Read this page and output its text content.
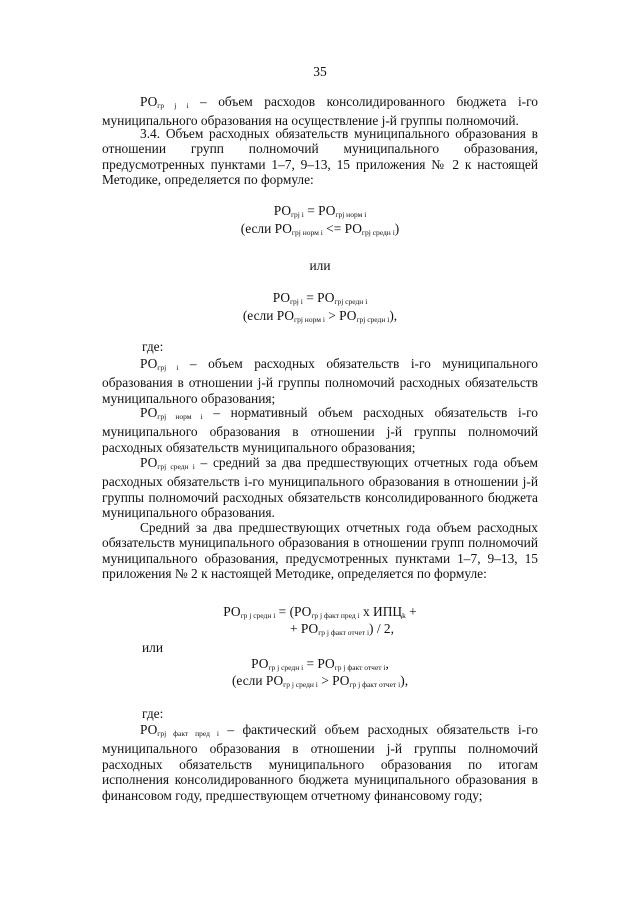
35
$РО_{гр j i}$ – объем расходов консолидированного бюджета i-го муниципального образования на осуществление j-й группы полномочий.
3.4. Объем расходных обязательств муниципального образования в отношении групп полномочий муниципального образования, предусмотренных пунктами 1–7, 9–13, 15 приложения № 2 к настоящей Методике, определяется по формуле:
$РО_{грj i} = РО_{грj норм i}$
(если $РО_{грj норм i} <= РО_{грj средн i}$)
или
$РО_{грj i} = РО_{грj средн i}$
(если $РО_{грj норм i} > РО_{грj средн i}$),
где:
$РО_{грj i}$ – объем расходных обязательств i-го муниципального образования в отношении j-й группы полномочий расходных обязательств муниципального образования;
$РО_{грj норм i}$ – нормативный объем расходных обязательств i-го муниципального образования в отношении j-й группы полномочий расходных обязательств муниципального образования;
$РО_{грj средн i}$ – средний за два предшествующих отчетных года объем расходных обязательств i-го муниципального образования в отношении j-й группы полномочий расходных обязательств консолидированного бюджета муниципального образования.
Средний за два предшествующих отчетных года объем расходных обязательств муниципального образования в отношении групп полномочий муниципального образования, предусмотренных пунктами 1–7, 9–13, 15 приложения № 2 к настоящей Методике, определяется по формуле:
$РО_{гр j средн i} = (РО_{гр j факт пред i}$ х $ИПЦ_k$ +
+ $РО_{гр j факт отчет i}) / 2$,
или
$РО_{гр j средн i} = РО_{гр j факт отчет i}$,
(если $РО_{гр j средн i} > РО_{гр j факт отчет i}$),
где:
$РО_{грj факт пред i}$ – фактический объем расходных обязательств i-го муниципального образования в отношении j-й группы полномочий расходных обязательств муниципального образования по итогам исполнения консолидированного бюджета муниципального образования в финансовом году, предшествующем отчетному финансовому году;
